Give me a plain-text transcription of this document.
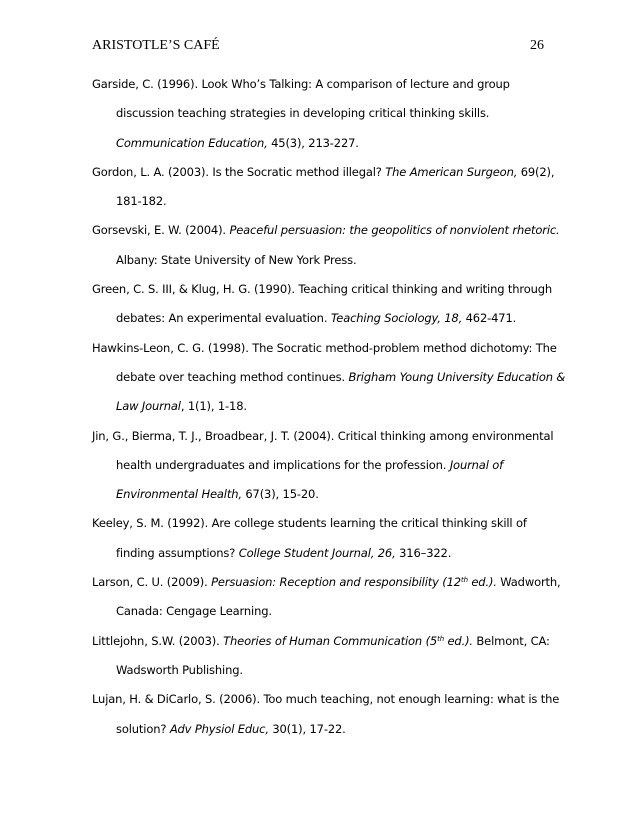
ARISTOTLE’S CAFÉ	26
Garside, C. (1996). Look Who’s Talking: A comparison of lecture and group
discussion teaching strategies in developing critical thinking skills.
Communication Education, 45(3), 213-227.
Gordon, L. A. (2003). Is the Socratic method illegal? The American Surgeon, 69(2),
181-182.
Gorsevski, E. W. (2004). Peaceful persuasion: the geopolitics of nonviolent rhetoric.
Albany: State University of New York Press.
Green, C. S. III, & Klug, H. G. (1990). Teaching critical thinking and writing through
debates: An experimental evaluation. Teaching Sociology, 18, 462-471.
Hawkins-Leon, C. G. (1998). The Socratic method-problem method dichotomy: The
debate over teaching method continues. Brigham Young University Education &
Law Journal, 1(1), 1-18.
Jin, G., Bierma, T. J., Broadbear, J. T. (2004). Critical thinking among environmental
health undergraduates and implications for the profession. Journal of
Environmental Health, 67(3), 15-20.
Keeley, S. M. (1992). Are college students learning the critical thinking skill of
finding assumptions? College Student Journal, 26, 316–322.
Larson, C. U. (2009). Persuasion: Reception and responsibility (12th ed.). Wadworth,
Canada: Cengage Learning.
Littlejohn, S.W. (2003). Theories of Human Communication (5th ed.). Belmont, CA:
Wadsworth Publishing.
Lujan, H. & DiCarlo, S. (2006). Too much teaching, not enough learning: what is the
solution? Adv Physiol Educ, 30(1), 17-22.
